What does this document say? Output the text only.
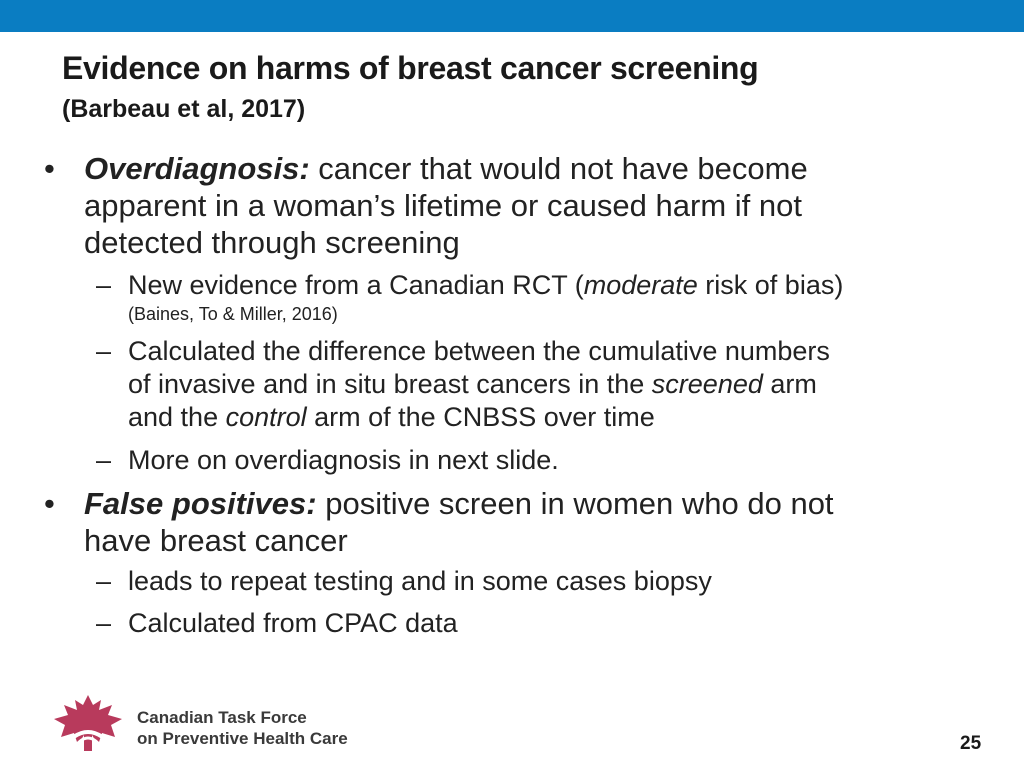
Evidence on harms of breast cancer screening
(Barbeau et al, 2017)
• Overdiagnosis: cancer that would not have become
apparent in a woman’s lifetime or caused harm if not
detected through screening
– New evidence from a Canadian RCT (moderate risk of bias)
(Baines, To & Miller, 2016)
– Calculated the difference between the cumulative numbers
of invasive and in situ breast cancers in the screened arm
and the control arm of the CNBSS over time
– More on overdiagnosis in next slide.
• False positives: positive screen in women who do not
have breast cancer
– leads to repeat testing and in some cases biopsy
– Calculated from CPAC data
Canadian Task Force
on Preventive Health Care	25
